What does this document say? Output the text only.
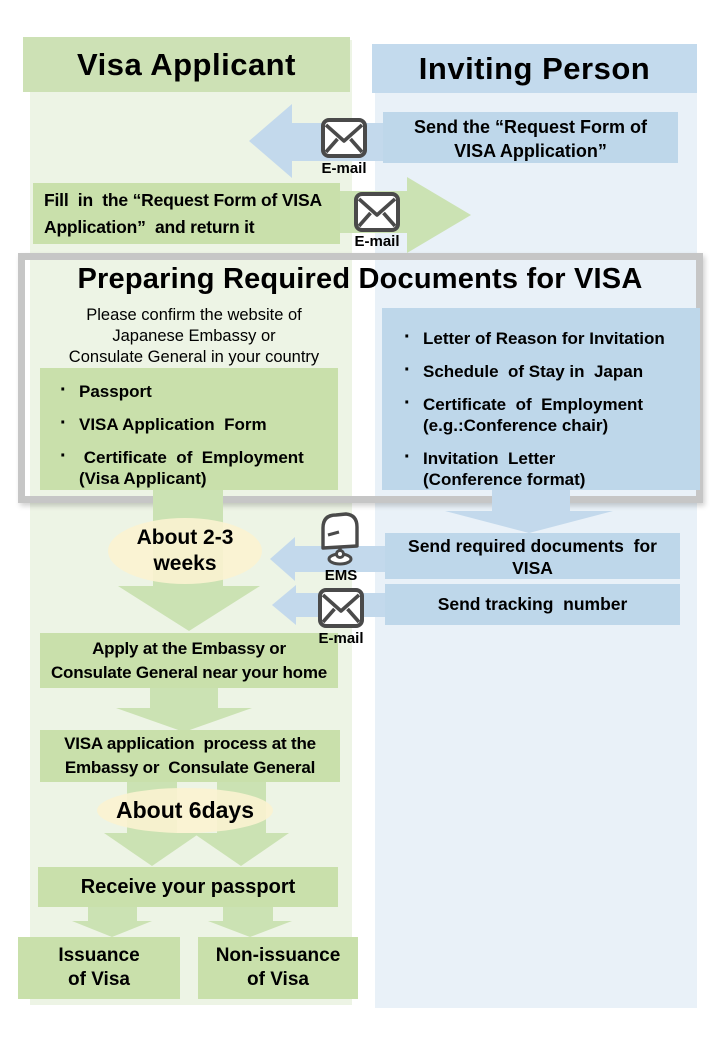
Visa Applicant	Inviting Person
Send the “Request Form of
VISA Application”
E-mail
Fill  in  the “Request Form of VISA
Application”  and return it
E-mail
Preparing Required Documents for VISA
Please confirm the website of
Japanese Embassy or
Consulate General in your country
· Passport
· VISA Application  Form
·  Certificate  of  Employment
(Visa Applicant)
· Letter of Reason for Invitation
· Schedule  of Stay in  Japan
· Certificate  of  Employment
(e.g.:Conference chair)
· Invitation  Letter
(Conference format)
About 2-3
weeks
Send required documents  for
VISA
EMS
Send tracking  number
E-mail
Apply at the Embassy or
Consulate General near your home
VISA application  process at the
Embassy or  Consulate General
About 6days
Receive your passport
Issuance
of Visa
Non-issuance
of Visa
